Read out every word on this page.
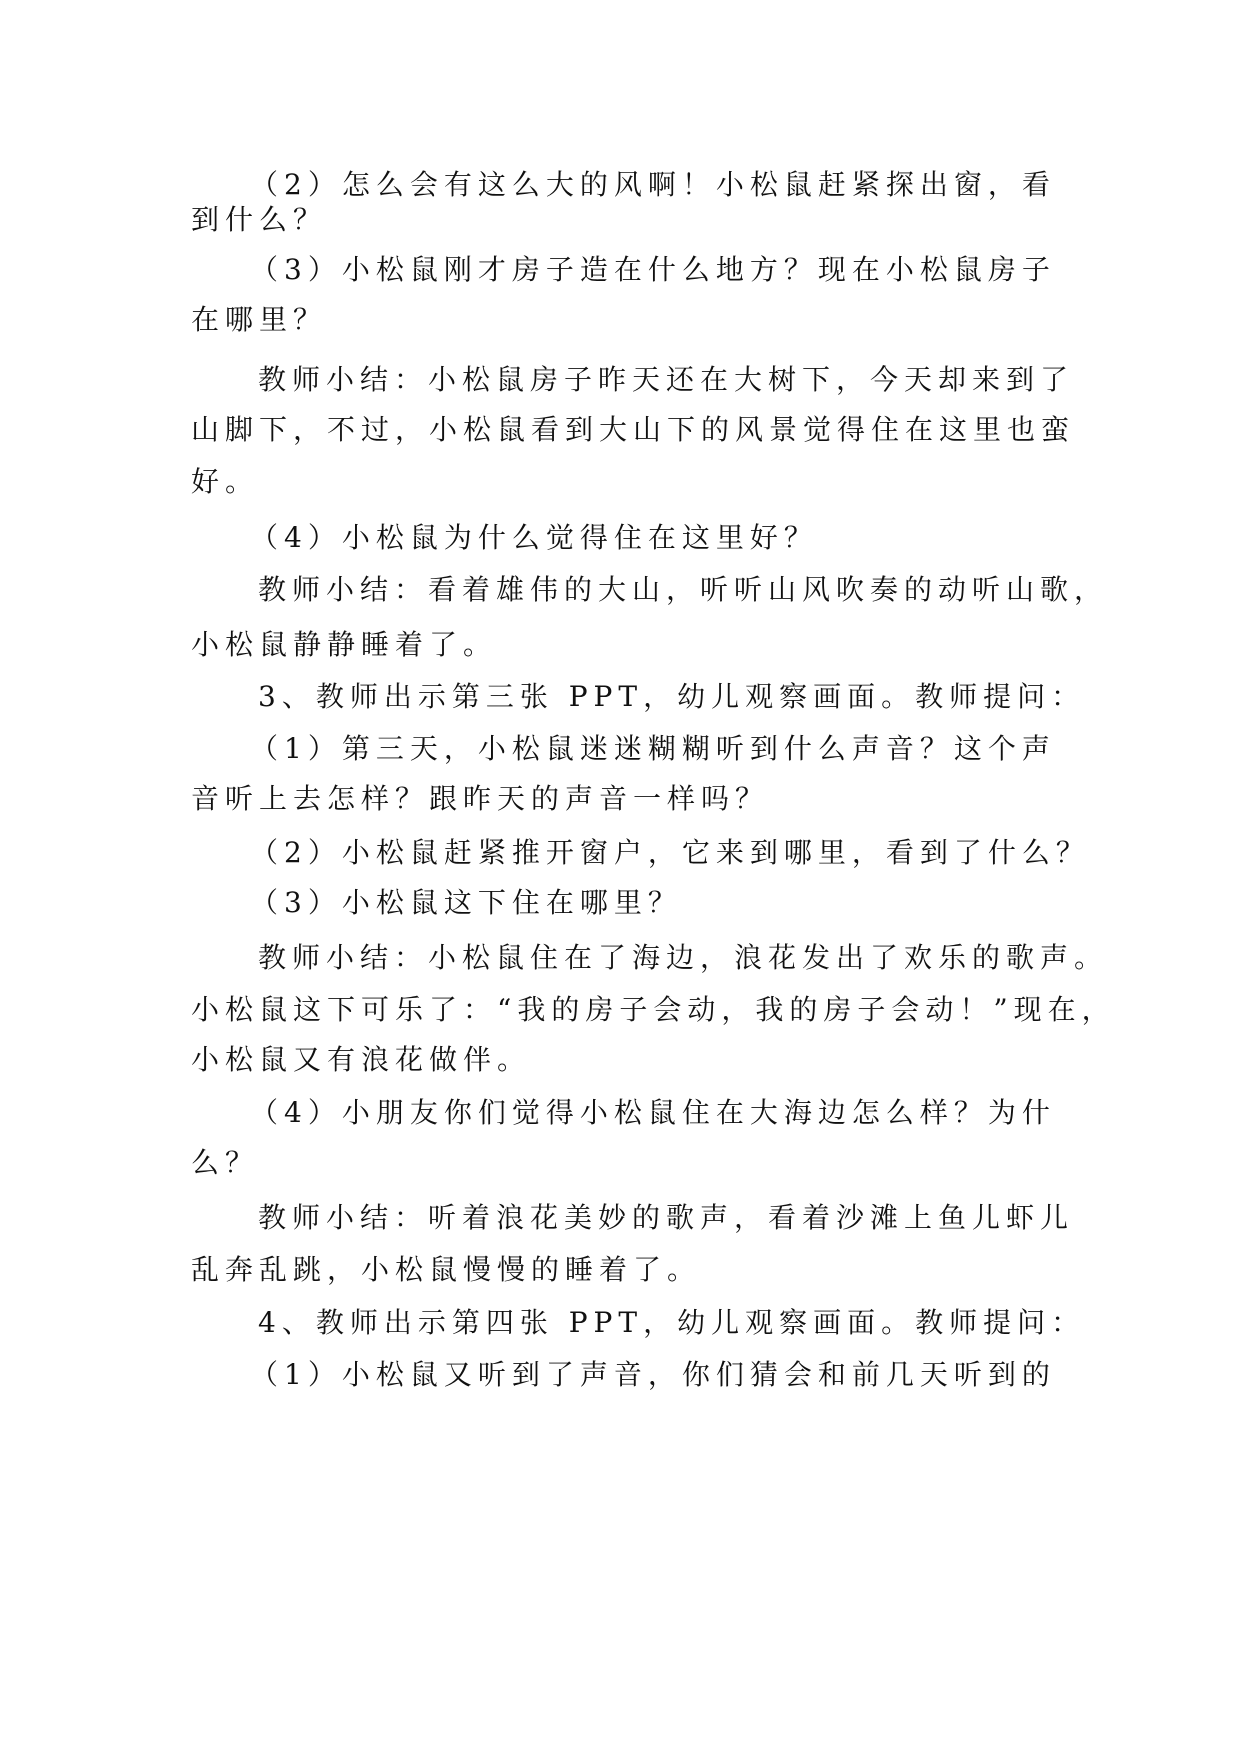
（2）怎么会有这么大的风啊！小松鼠赶紧探出窗，看

到什么？

（3）小松鼠刚才房子造在什么地方？现在小松鼠房子

在哪里？

教师小结：小松鼠房子昨天还在大树下，今天却来到了

山脚下，不过，小松鼠看到大山下的风景觉得住在这里也蛮

好。

（4）小松鼠为什么觉得住在这里好？

教师小结：看着雄伟的大山，听听山风吹奏的动听山歌，

小松鼠静静睡着了。

3、教师出示第三张 PPT，幼儿观察画面。教师提问：

（1）第三天，小松鼠迷迷糊糊听到什么声音？这个声

音听上去怎样？跟昨天的声音一样吗？

（2）小松鼠赶紧推开窗户，它来到哪里，看到了什么？

（3）小松鼠这下住在哪里？

教师小结：小松鼠住在了海边，浪花发出了欢乐的歌声。

小松鼠这下可乐了：“我的房子会动，我的房子会动！”现在，

小松鼠又有浪花做伴。

（4）小朋友你们觉得小松鼠住在大海边怎么样？为什

么？

教师小结：听着浪花美妙的歌声，看着沙滩上鱼儿虾儿

乱奔乱跳，小松鼠慢慢的睡着了。

4、教师出示第四张 PPT，幼儿观察画面。教师提问：

（1）小松鼠又听到了声音，你们猜会和前几天听到的
